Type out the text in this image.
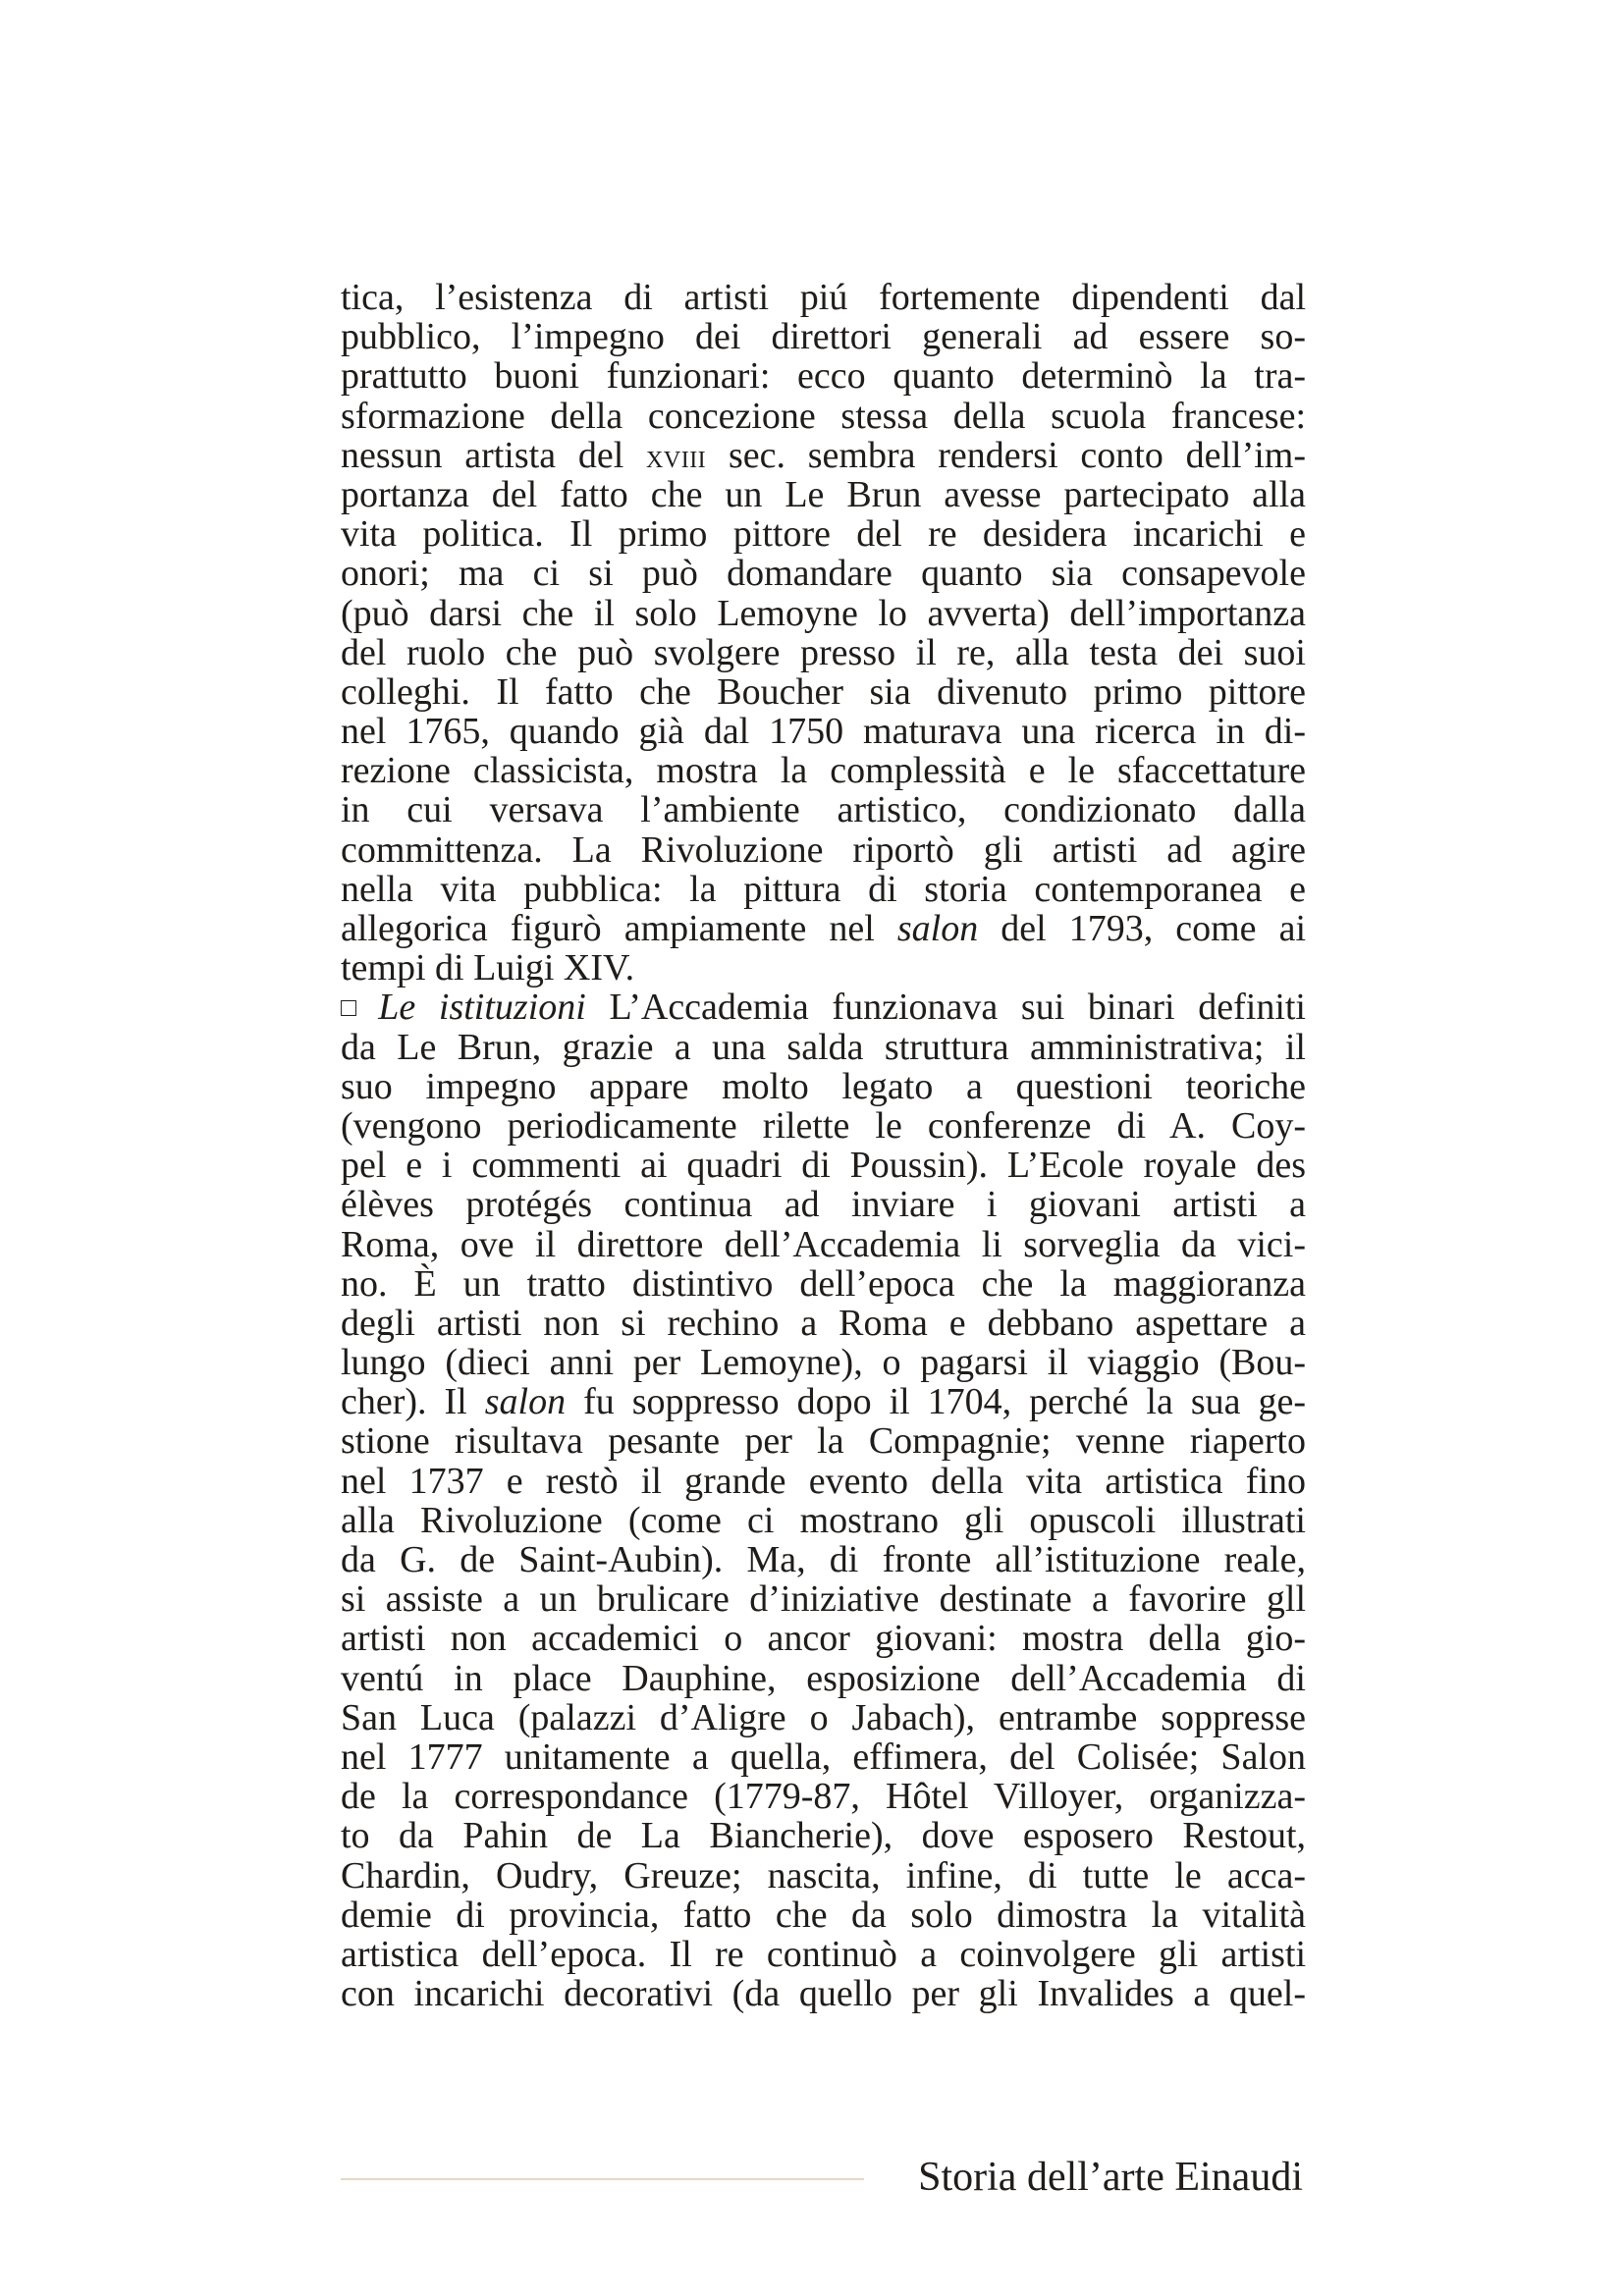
tica, l’esistenza di artisti piú fortemente dipendenti dal
pubblico, l’impegno dei direttori generali ad essere so-
prattutto buoni funzionari: ecco quanto determinò la tra-
sformazione della concezione stessa della scuola francese:
nessun artista del xviii sec. sembra rendersi conto dell’im-
portanza del fatto che un Le Brun avesse partecipato alla
vita politica. Il primo pittore del re desidera incarichi e
onori; ma ci si può domandare quanto sia consapevole
(può darsi che il solo Lemoyne lo avverta) dell’importanza
del ruolo che può svolgere presso il re, alla testa dei suoi
colleghi. Il fatto che Boucher sia divenuto primo pittore
nel 1765, quando già dal 1750 maturava una ricerca in di-
rezione classicista, mostra la complessità e le sfaccettature
in cui versava l’ambiente artistico, condizionato dalla
committenza. La Rivoluzione riportò gli artisti ad agire
nella vita pubblica: la pittura di storia contemporanea e
allegorica figurò ampiamente nel salon del 1793, come ai
tempi di Luigi XIV.
□ Le istituzioni L’Accademia funzionava sui binari definiti
da Le Brun, grazie a una salda struttura amministrativa; il
suo impegno appare molto legato a questioni teoriche
(vengono periodicamente rilette le conferenze di A. Coy-
pel e i commenti ai quadri di Poussin). L’Ecole royale des
élèves protégés continua ad inviare i giovani artisti a
Roma, ove il direttore dell’Accademia li sorveglia da vici-
no. È un tratto distintivo dell’epoca che la maggioranza
degli artisti non si rechino a Roma e debbano aspettare a
lungo (dieci anni per Lemoyne), o pagarsi il viaggio (Bou-
cher). Il salon fu soppresso dopo il 1704, perché la sua ge-
stione risultava pesante per la Compagnie; venne riaperto
nel 1737 e restò il grande evento della vita artistica fino
alla Rivoluzione (come ci mostrano gli opuscoli illustrati
da G. de Saint-Aubin). Ma, di fronte all’istituzione reale,
si assiste a un brulicare d’iniziative destinate a favorire gll
artisti non accademici o ancor giovani: mostra della gio-
ventú in place Dauphine, esposizione dell’Accademia di
San Luca (palazzi d’Aligre o Jabach), entrambe soppresse
nel 1777 unitamente a quella, effimera, del Colisée; Salon
de la correspondance (1779-87, Hôtel Villoyer, organizza-
to da Pahin de La Biancherie), dove esposero Restout,
Chardin, Oudry, Greuze; nascita, infine, di tutte le acca-
demie di provincia, fatto che da solo dimostra la vitalità
artistica dell’epoca. Il re continuò a coinvolgere gli artisti
con incarichi decorativi (da quello per gli Invalides a quel-
Storia dell’arte Einaudi
